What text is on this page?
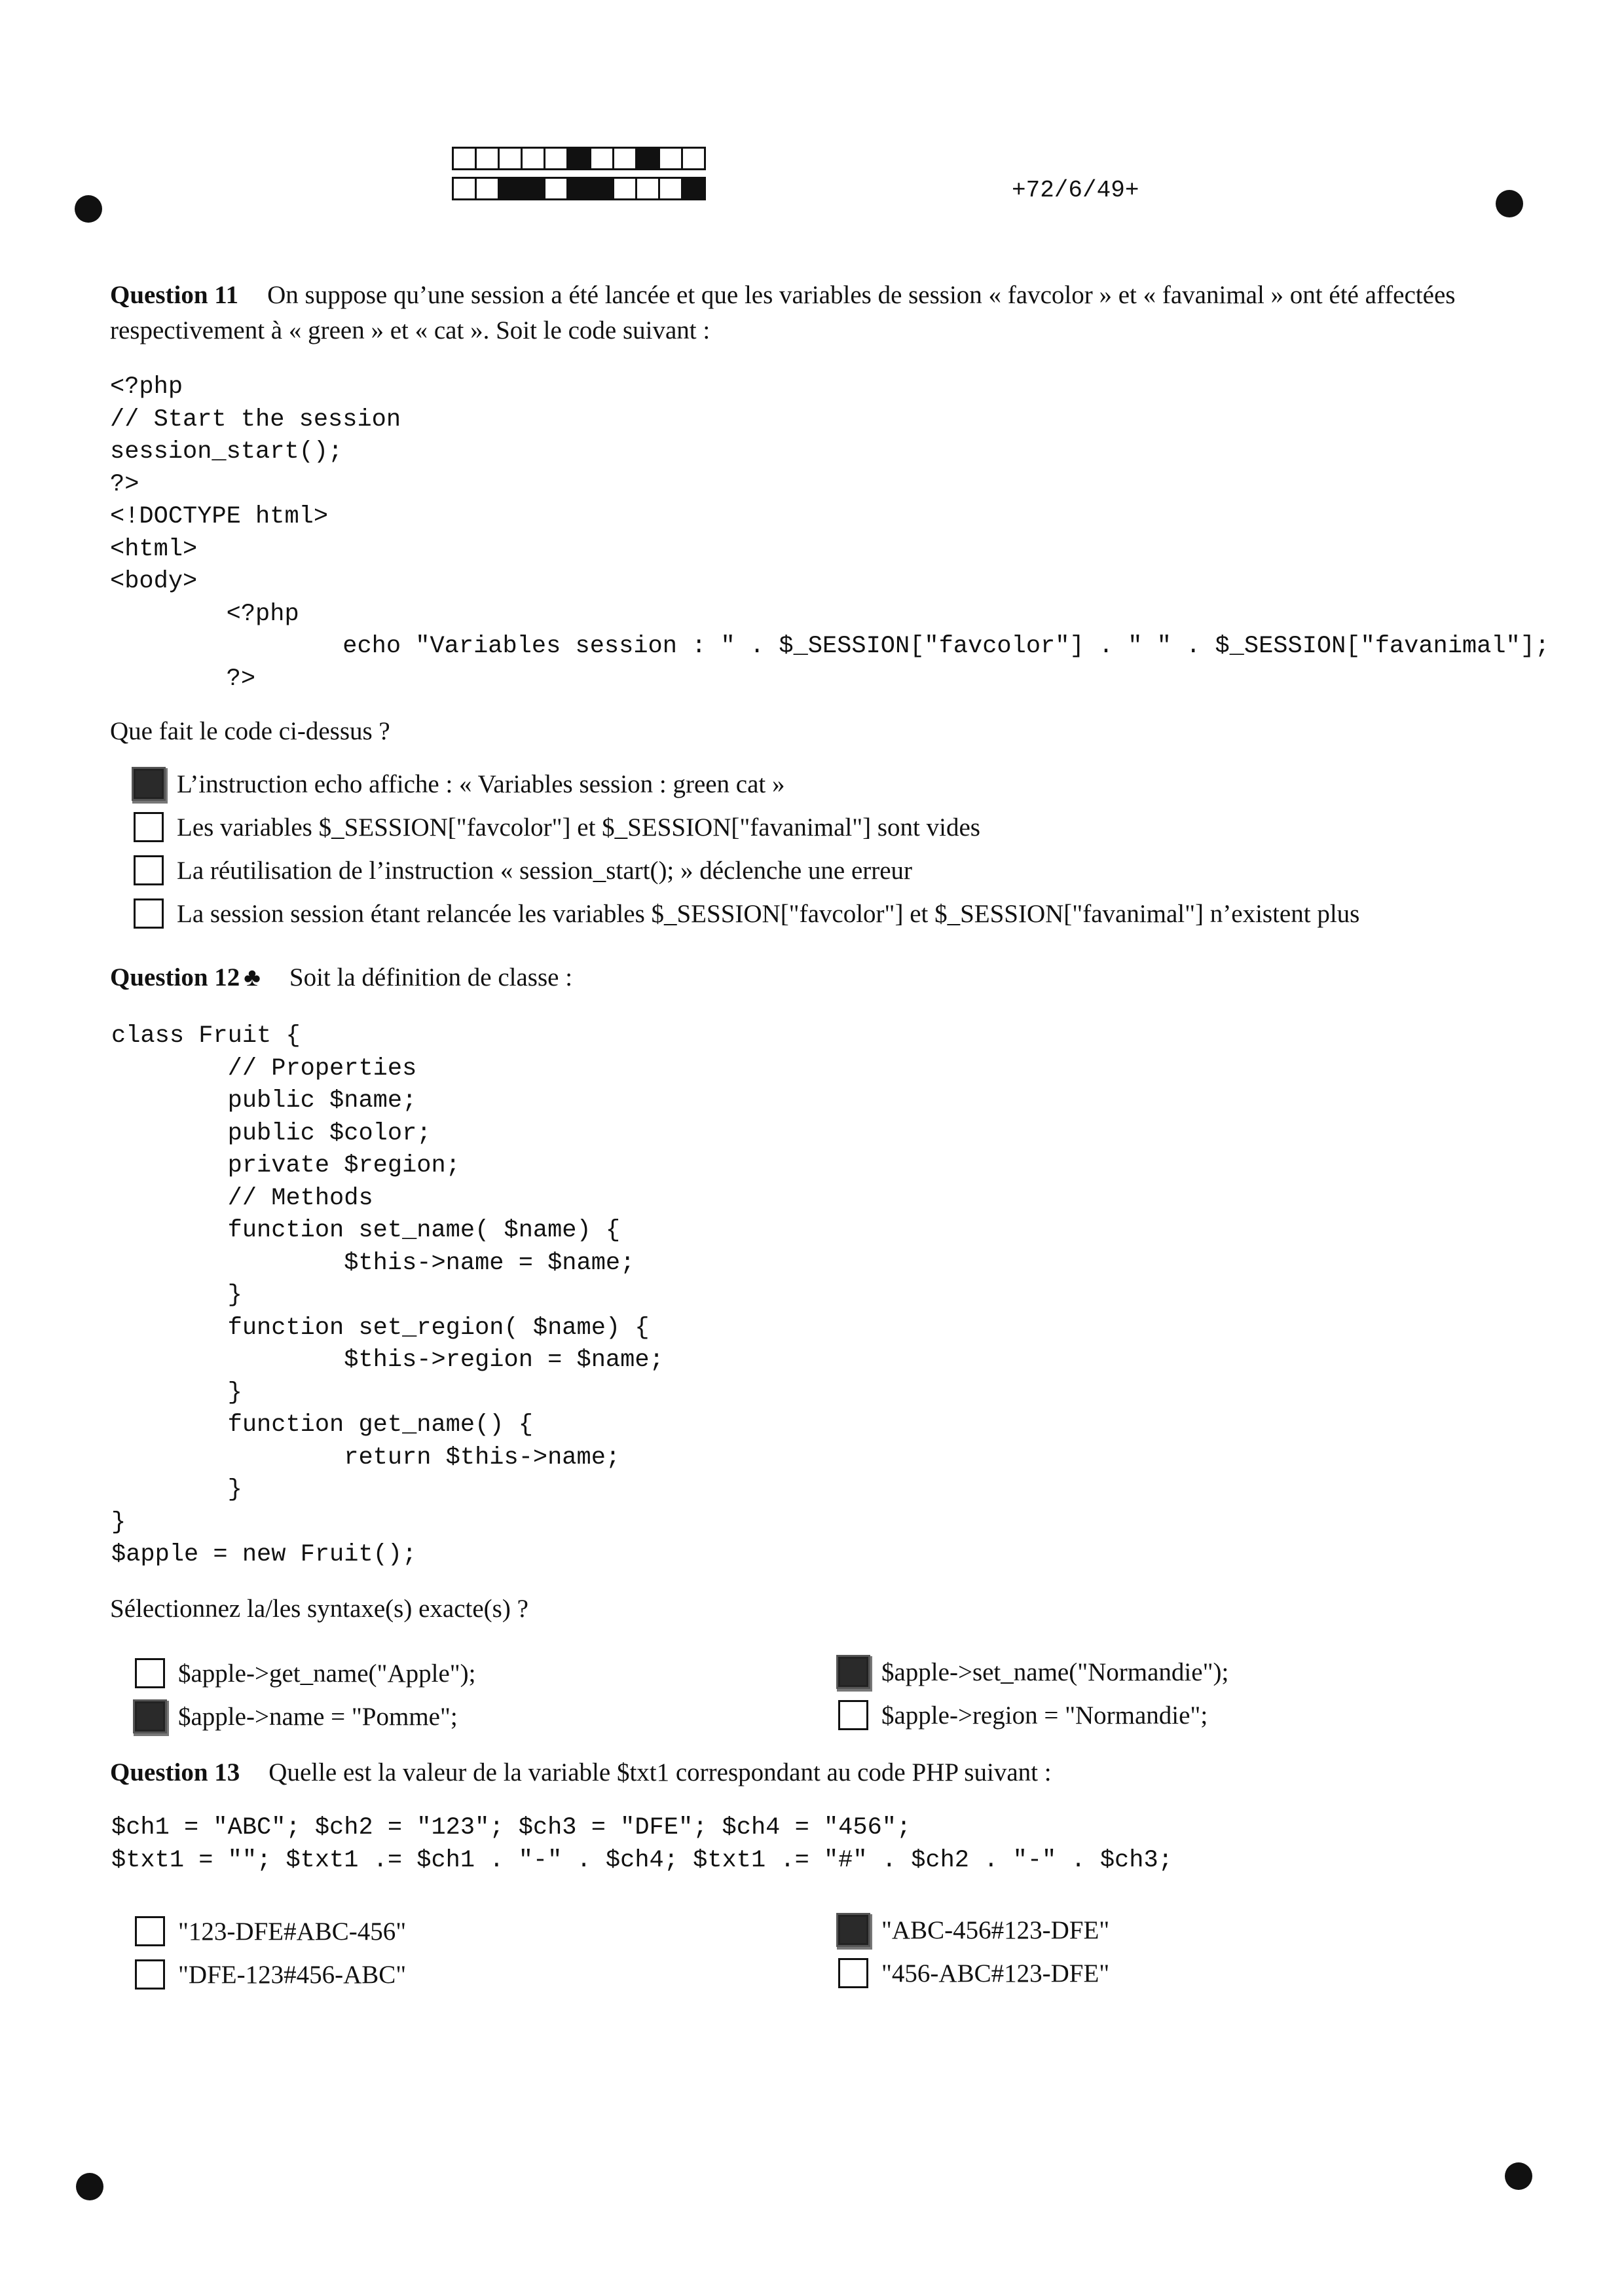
+72/6/49+
Question 11 On suppose qu’une session a été lancée et que les variables de session « favcolor » et « favanimal » ont été affectées respectivement à « green » et « cat ». Soit le code suivant :
<?php
// Start the session
session_start();
?>
<!DOCTYPE html>
<html>
<body>
<?php
echo "Variables session : " . $_SESSION["favcolor"] . " " . $_SESSION["favanimal"];
?>
Que fait le code ci-dessus ?
L’instruction echo affiche : « Variables session : green cat »
Les variables $_SESSION["favcolor"] et $_SESSION["favanimal"] sont vides
La réutilisation de l’instruction « session_start(); » déclenche une erreur
La session session étant relancée les variables $_SESSION["favcolor"] et $_SESSION["favanimal"] n’existent plus
Question 12 ♣ Soit la définition de classe :
class Fruit {
// Properties
public $name;
public $color;
private $region;
// Methods
function set_name( $name) {
$this->name = $name;
}
function set_region( $name) {
$this->region = $name;
}
function get_name() {
return $this->name;
}
}
$apple = new Fruit();
Sélectionnez la/les syntaxe(s) exacte(s) ?
$apple->get_name("Apple");	$apple->set_name("Normandie");
$apple->name = "Pomme";	$apple->region = "Normandie";
Question 13 Quelle est la valeur de la variable $txt1 correspondant au code PHP suivant :
$ch1 = "ABC"; $ch2 = "123"; $ch3 = "DFE"; $ch4 = "456";
$txt1 = ""; $txt1 .= $ch1 . "-" . $ch4; $txt1 .= "#" . $ch2 . "-" . $ch3;
"123-DFE#ABC-456"	"ABC-456#123-DFE"
"DFE-123#456-ABC"	"456-ABC#123-DFE"
